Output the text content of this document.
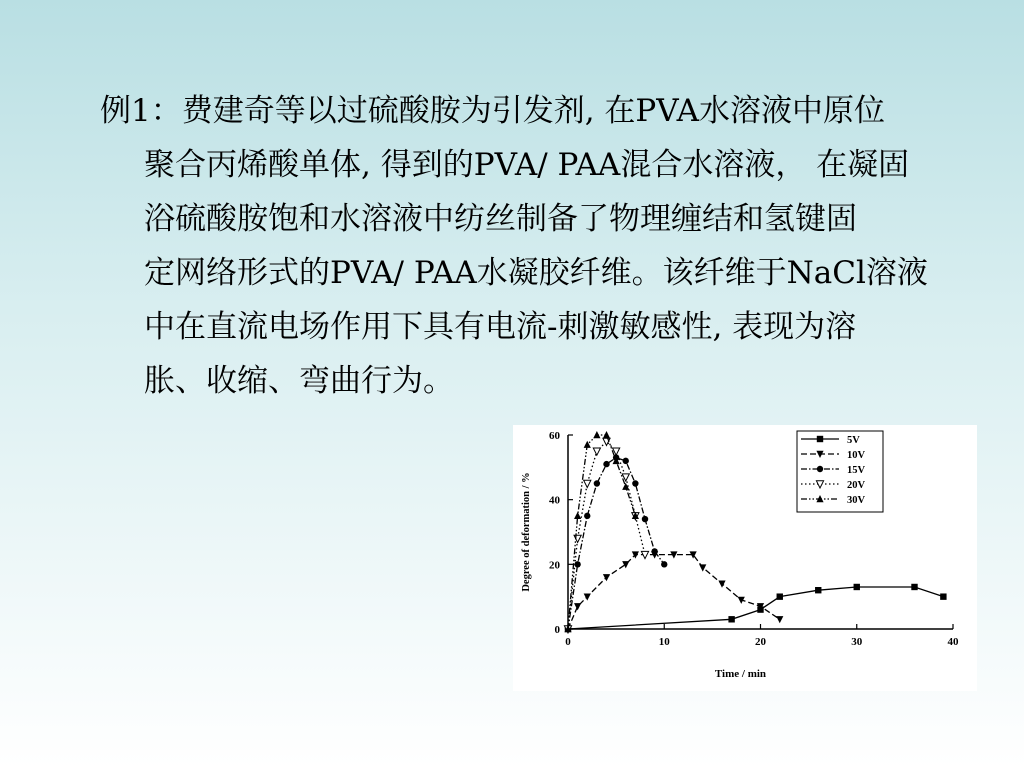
例1：费建奇等以过硫酸胺为引发剂, 在PVA水溶液中原位
聚合丙烯酸单体, 得到的PVA/ PAA混合水溶液， 在凝固
浴硫酸胺饱和水溶液中纺丝制备了物理缠结和氢键固
定网络形式的PVA/ PAA水凝胶纤维。该纤维于NaCl溶液
中在直流电场作用下具有电流-刺激敏感性, 表现为溶
胀、收缩、弯曲行为。
0	10	20	30	40
0
20
40
60
Time / min
Degree of deformation / %
5V
10V
15V
20V
30V
